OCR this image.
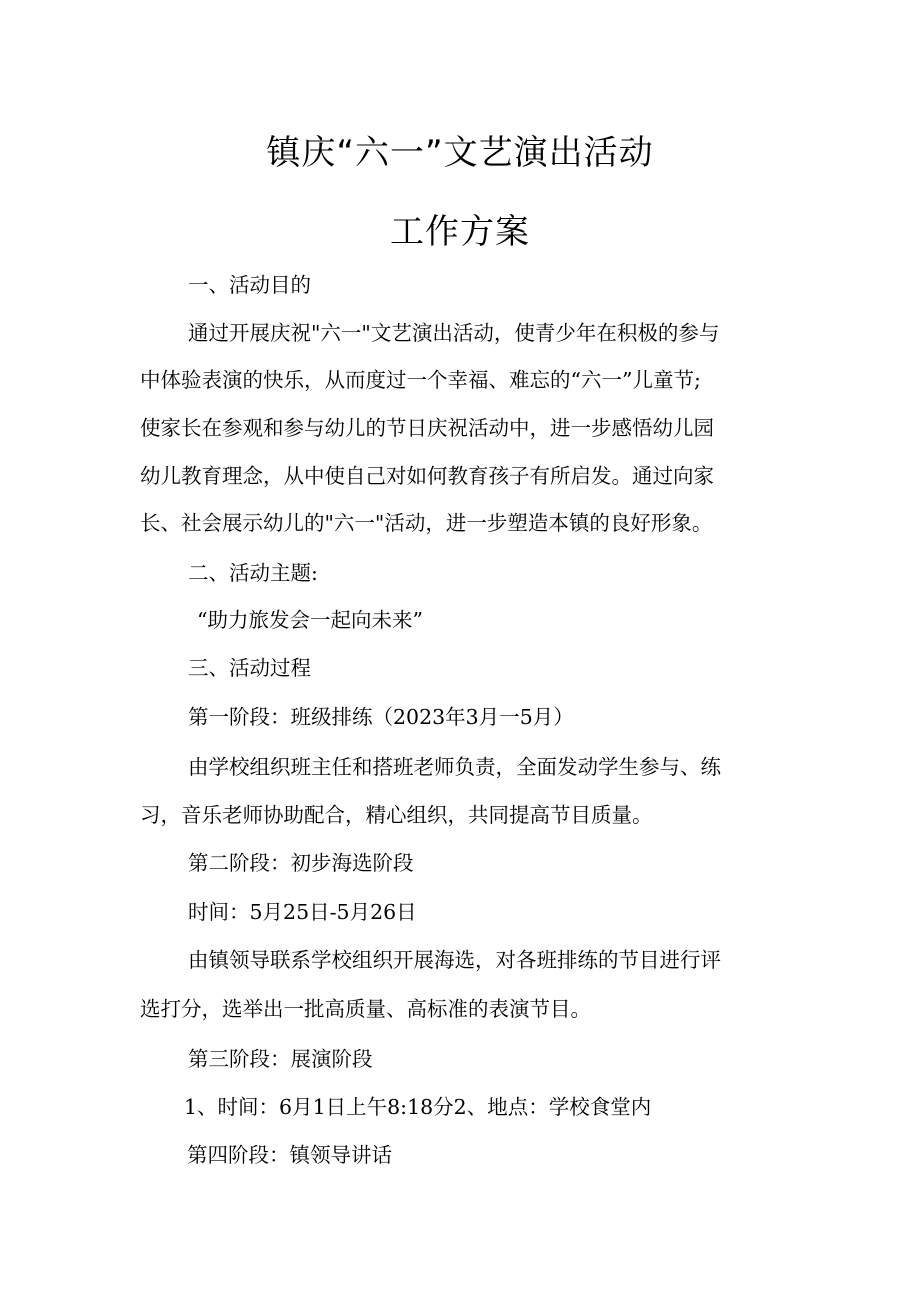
镇庆“六一”文艺演出活动
工作方案

一、活动目的

通过开展庆祝"六一"文艺演出活动，使青少年在积极的参与

中体验表演的快乐，从而度过一个幸福、难忘的“六一”儿童节;

使家长在参观和参与幼儿的节日庆祝活动中，进一步感悟幼儿园

幼儿教育理念，从中使自己对如何教育孩子有所启发。通过向家

长、社会展示幼儿的"六一"活动，进一步塑造本镇的良好形象。

二、活动主题:

“助力旅发会一起向未来”

三、活动过程

第一阶段：班级排练（2023年3月一5月）

由学校组织班主任和搭班老师负责，全面发动学生参与、练

习，音乐老师协助配合，精心组织，共同提高节目质量。

第二阶段：初步海选阶段

时间：5月25日-5月26日

由镇领导联系学校组织开展海选，对各班排练的节目进行评

选打分，选举出一批高质量、高标准的表演节目。

第三阶段：展演阶段

1、时间：6月1日上午8:18分2、地点：学校食堂内

第四阶段：镇领导讲话
